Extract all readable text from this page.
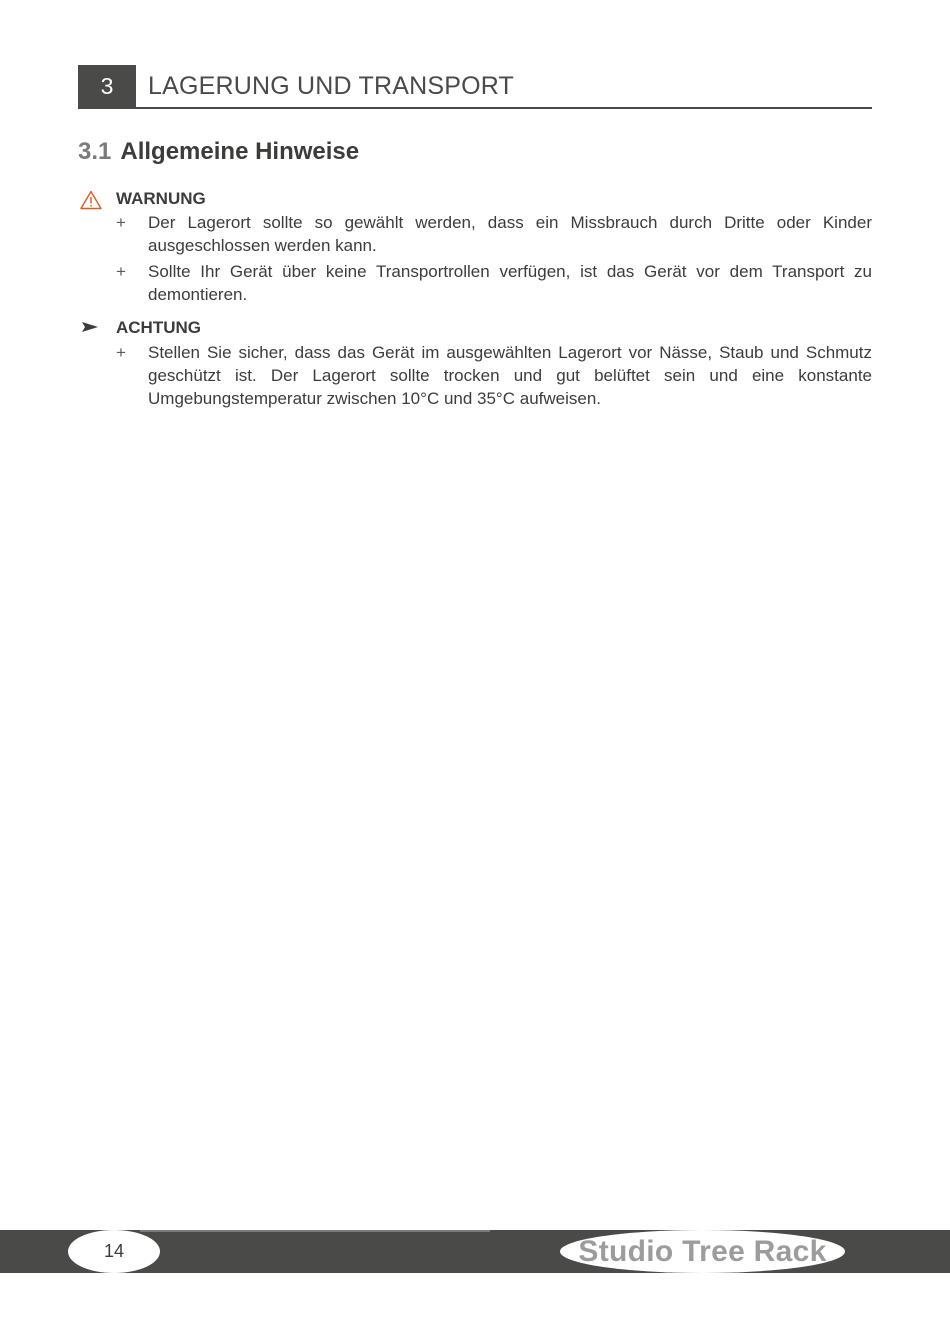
3	LAGERUNG UND TRANSPORT
3.1 Allgemeine Hinweise
WARNUNG
+ Der Lagerort sollte so gewählt werden, dass ein Missbrauch durch Dritte oder Kinder ausgeschlossen werden kann.
+ Sollte Ihr Gerät über keine Transportrollen verfügen, ist das Gerät vor dem Transport zu demontieren.
ACHTUNG
+ Stellen Sie sicher, dass das Gerät im ausgewählten Lagerort vor Nässe, Staub und Schmutz geschützt ist. Der Lagerort sollte trocken und gut belüftet sein und eine konstante Umgebungstemperatur zwischen 10°C und 35°C aufweisen.
14	Studio Tree Rack
